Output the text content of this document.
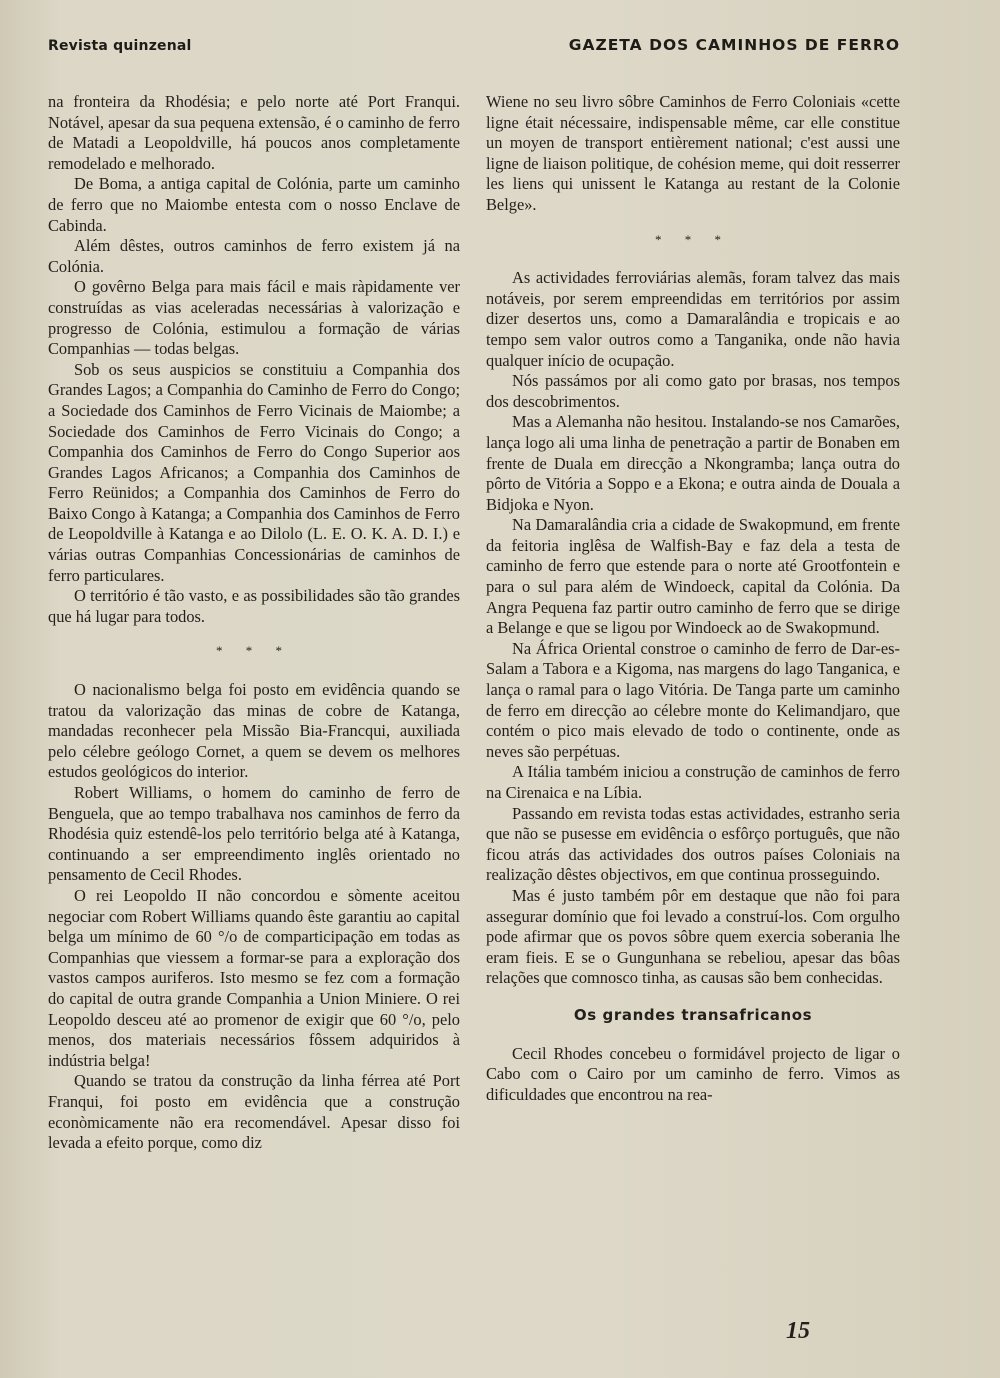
Revista quinzenal	GAZETA DOS CAMINHOS DE FERRO

na fronteira da Rhodésia; e pelo norte até Port Franqui. Notável, apesar da sua pequena extensão, é o caminho de ferro de Matadi a Leopoldville, há poucos anos completamente remodelado e melhorado.

De Boma, a antiga capital de Colónia, parte um caminho de ferro que no Maiombe entesta com o nosso Enclave de Cabinda.

Além dêstes, outros caminhos de ferro existem já na Colónia.

O govêrno Belga para mais fácil e mais ràpidamente ver construídas as vias aceleradas necessárias à valorização e progresso de Colónia, estimulou a formação de várias Companhias — todas belgas.

Sob os seus auspicios se constituiu a Companhia dos Grandes Lagos; a Companhia do Caminho de Ferro do Congo; a Sociedade dos Caminhos de Ferro Vicinais de Maiombe; a Sociedade dos Caminhos de Ferro Vicinais do Congo; a Companhia dos Caminhos de Ferro do Congo Superior aos Grandes Lagos Africanos; a Companhia dos Caminhos de Ferro Reünidos; a Companhia dos Caminhos de Ferro do Baixo Congo à Katanga; a Companhia dos Caminhos de Ferro de Leopoldville à Katanga e ao Dilolo (L. E. O. K. A. D. I.) e várias outras Companhias Concessionárias de caminhos de ferro particulares.

O território é tão vasto, e as possibilidades são tão grandes que há lugar para todos.

* * *

O nacionalismo belga foi posto em evidência quando se tratou da valorização das minas de cobre de Katanga, mandadas reconhecer pela Missão Bia-Francqui, auxiliada pelo célebre geólogo Cornet, a quem se devem os melhores estudos geológicos do interior.

Robert Williams, o homem do caminho de ferro de Benguela, que ao tempo trabalhava nos caminhos de ferro da Rhodésia quiz estendê-los pelo território belga até à Katanga, continuando a ser empreendimento inglês orientado no pensamento de Cecil Rhodes.

O rei Leopoldo II não concordou e sòmente aceitou negociar com Robert Williams quando êste garantiu ao capital belga um mínimo de 60 °/o de comparticipação em todas as Companhias que viessem a formar-se para a exploração dos vastos campos auriferos. Isto mesmo se fez com a formação do capital de outra grande Companhia a Union Miniere. O rei Leopoldo desceu até ao promenor de exigir que 60 °/o, pelo menos, dos materiais necessários fôssem adquiridos à indústria belga!

Quando se tratou da construção da linha férrea até Port Franqui, foi posto em evidência que a construção econòmicamente não era recomendável. Apesar disso foi levada a efeito porque, como diz

Wiene no seu livro sôbre Caminhos de Ferro Coloniais «cette ligne était nécessaire, indispensable même, car elle constitue un moyen de transport entièrement national; c'est aussi une ligne de liaison politique, de cohésion meme, qui doit resserrer les liens qui unissent le Katanga au restant de la Colonie Belge».

* * *

As actividades ferroviárias alemãs, foram talvez das mais notáveis, por serem empreendidas em territórios por assim dizer desertos uns, como a Damaralândia e tropicais e ao tempo sem valor outros como a Tanganika, onde não havia qualquer início de ocupação.

Nós passámos por ali como gato por brasas, nos tempos dos descobrimentos.

Mas a Alemanha não hesitou. Instalando-se nos Camarões, lança logo ali uma linha de penetração a partir de Bonaben em frente de Duala em direcção a Nkongramba; lança outra do pôrto de Vitória a Soppo e a Ekona; e outra ainda de Douala a Bidjoka e Nyon.

Na Damaralândia cria a cidade de Swakopmund, em frente da feitoria inglêsa de Walfish-Bay e faz dela a testa de caminho de ferro que estende para o norte até Grootfontein e para o sul para além de Windoeck, capital da Colónia. Da Angra Pequena faz partir outro caminho de ferro que se dirige a Belange e que se ligou por Windoeck ao de Swakopmund.

Na África Oriental constroe o caminho de ferro de Dar-es-Salam a Tabora e a Kigoma, nas margens do lago Tanganica, e lança o ramal para o lago Vitória. De Tanga parte um caminho de ferro em direcção ao célebre monte do Kelimandjaro, que contém o pico mais elevado de todo o continente, onde as neves são perpétuas.

A Itália também iniciou a construção de caminhos de ferro na Cirenaica e na Líbia.

Passando em revista todas estas actividades, estranho seria que não se pusesse em evidência o esfôrço português, que não ficou atrás das actividades dos outros países Coloniais na realização dêstes objectivos, em que continua prosseguindo.

Mas é justo também pôr em destaque que não foi para assegurar domínio que foi levado a construí-los. Com orgulho pode afirmar que os povos sôbre quem exercia soberania lhe eram fieis. E se o Gungunhana se rebeliou, apesar das bôas relações que comnosco tinha, as causas são bem conhecidas.

Os grandes transafricanos

Cecil Rhodes concebeu o formidável projecto de ligar o Cabo com o Cairo por um caminho de ferro. Vimos as dificuldades que encontrou na rea-

15
